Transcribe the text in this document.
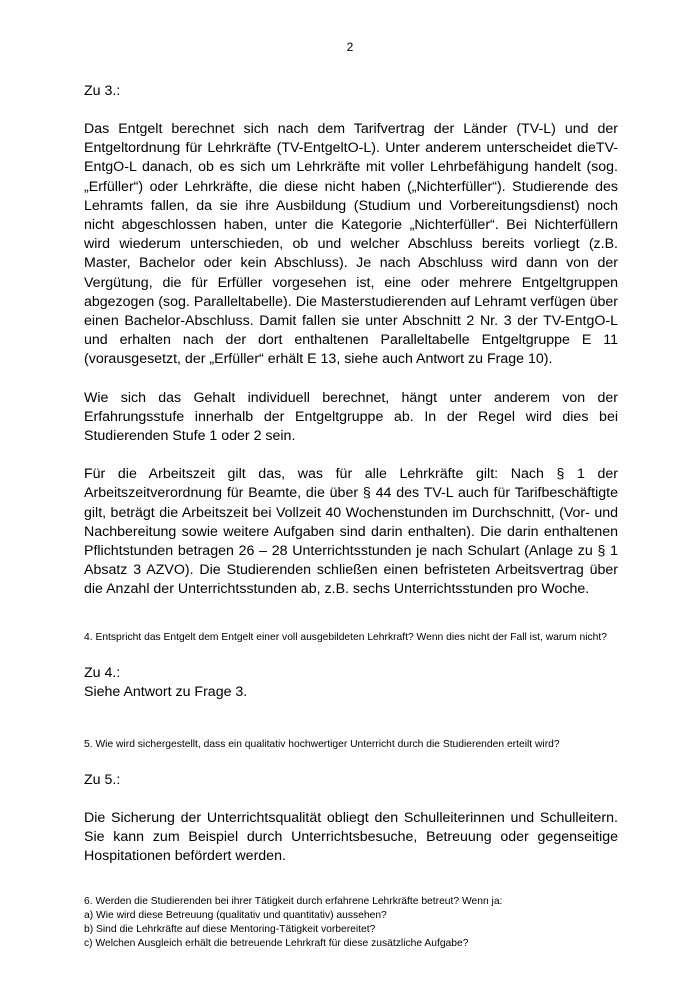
2

Zu 3.:

Das Entgelt berechnet sich nach dem Tarifvertrag der Länder (TV-L) und der Entgeltordnung für Lehrkräfte (TV-EntgeltO-L). Unter anderem unterscheidet dieTV-EntgO-L danach, ob es sich um Lehrkräfte mit voller Lehrbefähigung handelt (sog. „Erfüller“) oder Lehrkräfte, die diese nicht haben („Nichterfüller“). Studierende des Lehramts fallen, da sie ihre Ausbildung (Studium und Vorbereitungsdienst) noch nicht abgeschlossen haben, unter die Kategorie „Nichterfüller“. Bei Nichterfüllern wird wiederum unterschieden, ob und welcher Abschluss bereits vorliegt (z.B. Master, Bachelor oder kein Abschluss). Je nach Abschluss wird dann von der Vergütung, die für Erfüller vorgesehen ist, eine oder mehrere Entgeltgruppen abgezogen (sog. Paralleltabelle). Die Masterstudierenden auf Lehramt verfügen über einen Bachelor-Abschluss. Damit fallen sie unter Abschnitt 2 Nr. 3 der TV-EntgO-L und erhalten nach der dort enthaltenen Paralleltabelle Entgeltgruppe E 11 (vorausgesetzt, der „Erfüller“ erhält E 13, siehe auch Antwort zu Frage 10).

Wie sich das Gehalt individuell berechnet, hängt unter anderem von der Erfahrungsstufe innerhalb der Entgeltgruppe ab. In der Regel wird dies bei Studierenden Stufe 1 oder 2 sein.

Für die Arbeitszeit gilt das, was für alle Lehrkräfte gilt: Nach § 1 der Arbeitszeitverordnung für Beamte, die über § 44 des TV-L auch für Tarifbeschäftigte gilt, beträgt die Arbeitszeit bei Vollzeit 40 Wochenstunden im Durchschnitt, (Vor- und Nachbereitung sowie weitere Aufgaben sind darin enthalten). Die darin enthaltenen Pflichtstunden betragen 26 – 28 Unterrichtsstunden je nach Schulart (Anlage zu § 1 Absatz 3 AZVO). Die Studierenden schließen einen befristeten Arbeitsvertrag über die Anzahl der Unterrichtsstunden ab, z.B. sechs Unterrichtsstunden pro Woche.

4. Entspricht das Entgelt dem Entgelt einer voll ausgebildeten Lehrkraft? Wenn dies nicht der Fall ist, warum nicht?

Zu 4.:

Siehe Antwort zu Frage 3.

5. Wie wird sichergestellt, dass ein qualitativ hochwertiger Unterricht durch die Studierenden erteilt wird?

Zu 5.:

Die Sicherung der Unterrichtsqualität obliegt den Schulleiterinnen und Schulleitern. Sie kann zum Beispiel durch Unterrichtsbesuche, Betreuung oder gegenseitige Hospitationen befördert werden.

6. Werden die Studierenden bei ihrer Tätigkeit durch erfahrene Lehrkräfte betreut? Wenn ja:
a) Wie wird diese Betreuung (qualitativ und quantitativ) aussehen?
b) Sind die Lehrkräfte auf diese Mentoring-Tätigkeit vorbereitet?
c) Welchen Ausgleich erhält die betreuende Lehrkraft für diese zusätzliche Aufgabe?
